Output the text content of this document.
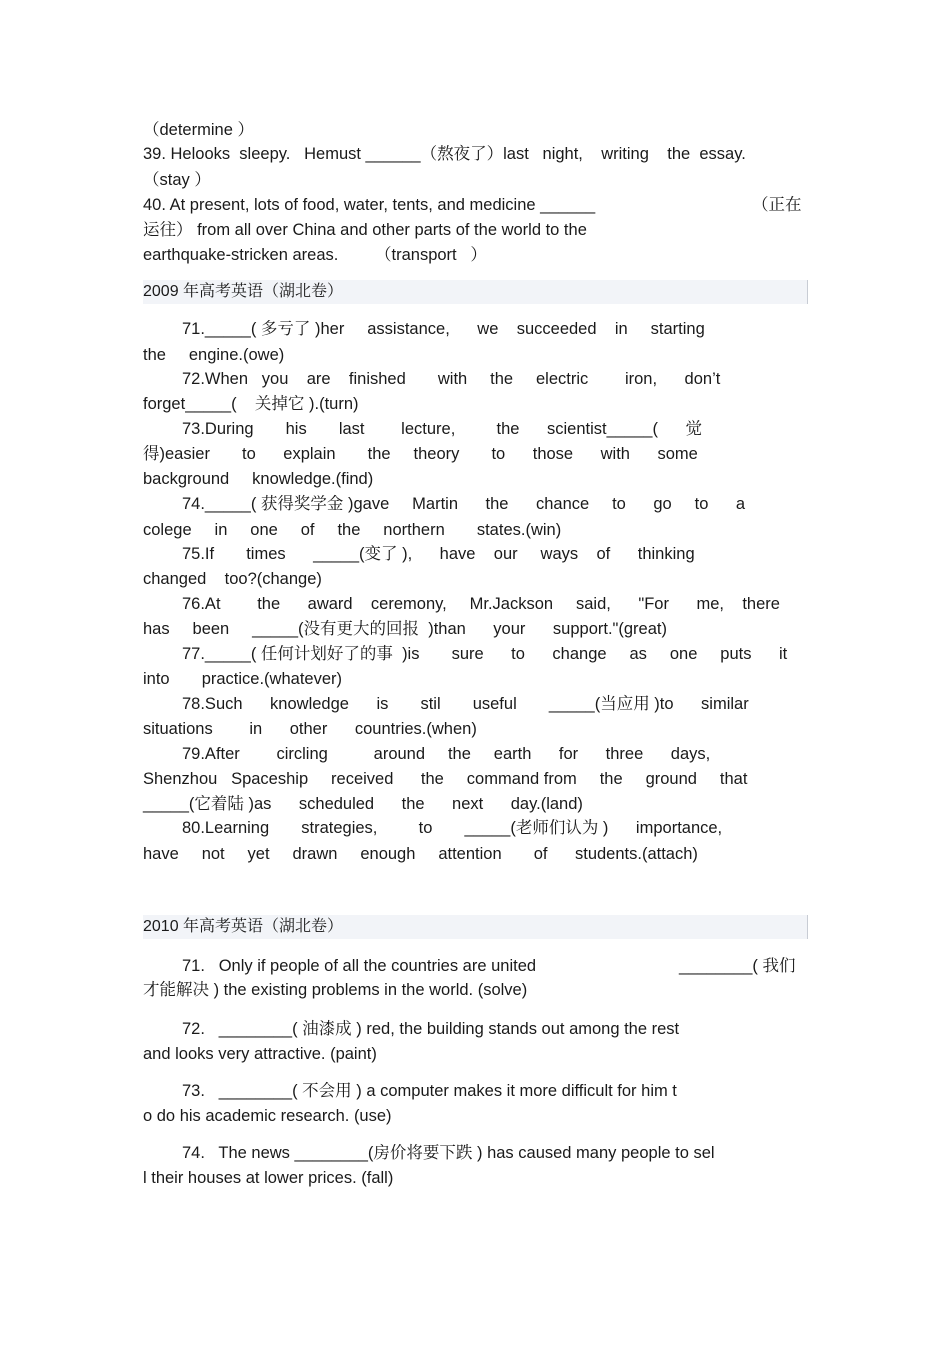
（determine ）
39. Helooks  sleepy.   Hemust ______（熬夜了）last   night,    writing    the  essay.
（stay ）
40. At present, lots of food, water, tents, and medicine ______	（正在
运往） from all over China and other parts of the world to the
earthquake-stricken areas.        （transport   ）
2009 年高考英语（湖北卷）
71._____( 多亏了 )her     assistance,      we    succeeded    in     starting
the     engine.(owe)
72.When   you    are    finished       with     the     electric        iron,      don’t
forget_____(    关掉它 ).(turn)
73.During       his       last        lecture,         the      scientist_____(      觉
得)easier       to      explain       the     theory       to      those      with      some
background     knowledge.(find)
74._____( 获得奖学金 )gave     Martin      the      chance     to      go     to      a
colege     in     one     of     the     northern       states.(win)
75.If       times      _____(变了 ),      have    our     ways    of      thinking
changed    too?(change)
76.At        the      award    ceremony,     Mr.Jackson     said,      "For      me,    there
has     been     _____(没有更大的回报  )than      your      support."(great)
77._____( 任何计划好了的事  )is       sure      to      change     as     one     puts      it
into       practice.(whatever)
78.Such      knowledge      is       stil       useful       _____(当应用 )to      similar
situations        in      other      countries.(when)
79.After        circling          around     the     earth      for      three      days,
Shenzhou   Spaceship     received      the     command from     the     ground     that
_____(它着陆 )as      scheduled      the      next      day.(land)
80.Learning       strategies,         to       _____(老师们认为 )      importance,
have     not     yet     drawn     enough     attention       of      students.(attach)
2010 年高考英语（湖北卷）
71.   Only if people of all the countries are united	________( 我们
才能解决 ) the existing problems in the world. (solve)
72.   ________( 油漆成 ) red, the building stands out among the rest
and looks very attractive. (paint)
73.   ________( 不会用 ) a computer makes it more difficult for him t
o do his academic research. (use)
74.   The news ________(房价将要下跌 ) has caused many people to sel
l their houses at lower prices. (fall)
